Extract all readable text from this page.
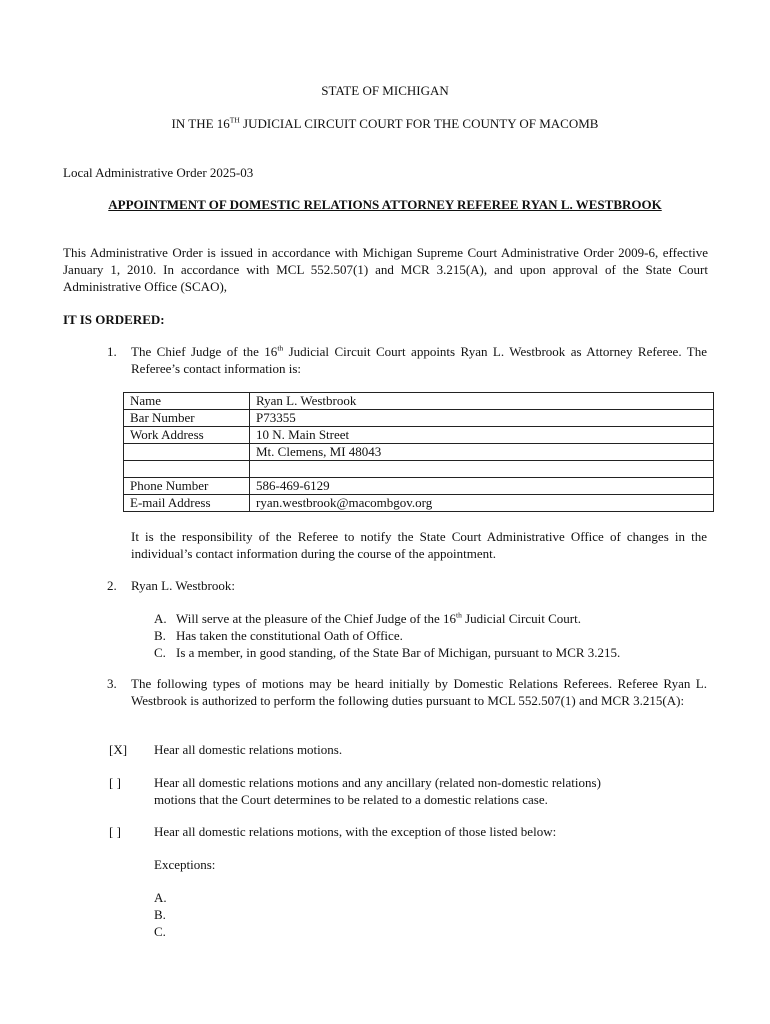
STATE OF MICHIGAN
IN THE 16TH JUDICIAL CIRCUIT COURT FOR THE COUNTY OF MACOMB
Local Administrative Order 2025-03
APPOINTMENT OF DOMESTIC RELATIONS ATTORNEY REFEREE RYAN L. WESTBROOK
This Administrative Order is issued in accordance with Michigan Supreme Court Administrative Order 2009-6, effective January 1, 2010. In accordance with MCL 552.507(1) and MCR 3.215(A), and upon approval of the State Court Administrative Office (SCAO),
IT IS ORDERED:
1.	The Chief Judge of the 16th Judicial Circuit Court appoints Ryan L. Westbrook as Attorney Referee. The Referee’s contact information is:
Name	Ryan L. Westbrook
Bar Number	P73355
Work Address	10 N. Main Street
	Mt. Clemens, MI 48043

Phone Number	586-469-6129
E-mail Address	ryan.westbrook@macombgov.org
It is the responsibility of the Referee to notify the State Court Administrative Office of changes in the individual’s contact information during the course of the appointment.
2.	Ryan L. Westbrook:
A. Will serve at the pleasure of the Chief Judge of the 16th Judicial Circuit Court.
B. Has taken the constitutional Oath of Office.
C. Is a member, in good standing, of the State Bar of Michigan, pursuant to MCR 3.215.
3.	The following types of motions may be heard initially by Domestic Relations Referees. Referee Ryan L. Westbrook is authorized to perform the following duties pursuant to MCL 552.507(1) and MCR 3.215(A):
[X]	Hear all domestic relations motions.
[ ]	Hear all domestic relations motions and any ancillary (related non-domestic relations)
motions that the Court determines to be related to a domestic relations case.
[ ]	Hear all domestic relations motions, with the exception of those listed below:
Exceptions:
A.
B.
C.
